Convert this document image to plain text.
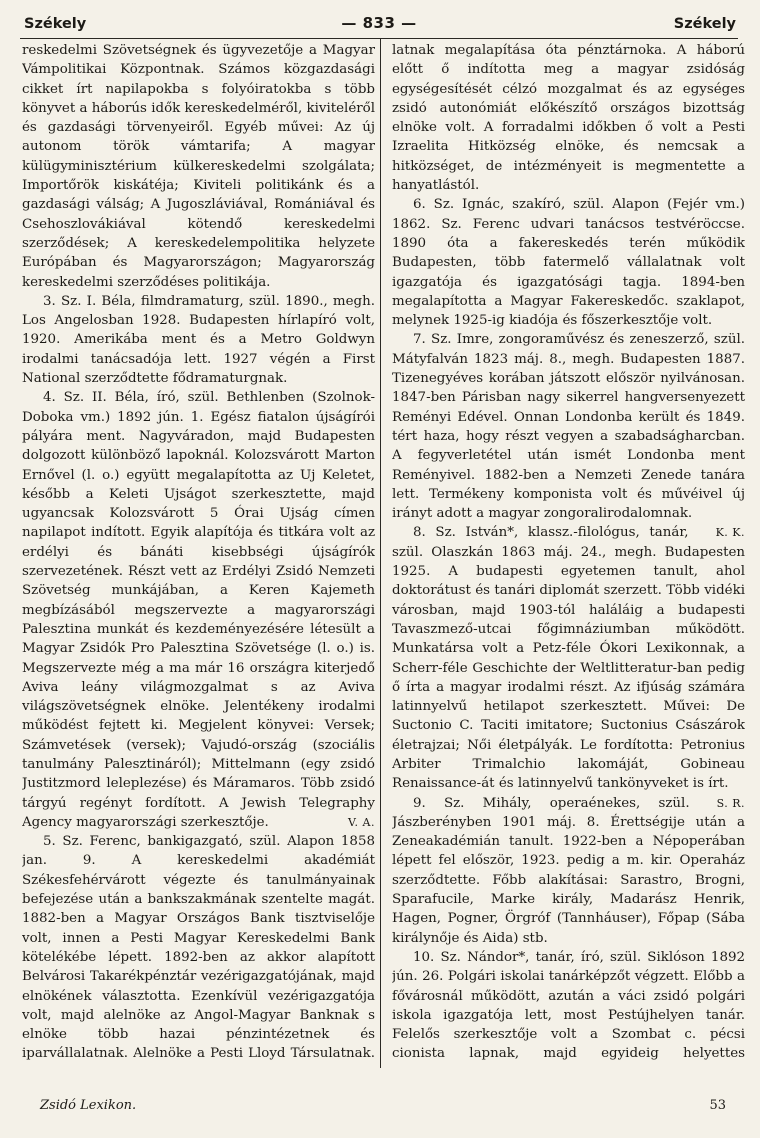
Székely	— 833 —	Székely

reskedelmi Szövetségnek és ügyvezetője a Magyar Vámpolitikai Központnak. Számos közgazdasági cikket írt napilapokba s folyóiratokba s több könyvet a háborús idők kereskedelméről, kiviteléről és gazdasági törvenyeiről. Egyéb művei: Az új autonom török vámtarifa; A magyar külügyminisztérium külkereskedelmi szolgálata; Importőrök kiskátéja; Kiviteli politikánk és a gazdasági válság; A Jugoszláviával, Romániával és Csehoszlovákiával kötendő kereskedelmi szerződések; A kereskedelempolitika helyzete Európában és Magyarországon; Magyarország kereskedelmi szerződéses politikája.

3. Sz. I. Béla, filmdramaturg, szül. 1890., megh. Los Angelosban 1928. Budapesten hírlapíró volt, 1920. Amerikába ment és a Metro Goldwyn irodalmi tanácsadója lett. 1927 végén a First National szerződtette fődramaturgnak.

4. Sz. II. Béla, író, szül. Bethlenben (Szolnok-Doboka vm.) 1892 jún. 1. Egész fiatalon újságírói pályára ment. Nagyváradon, majd Budapesten dolgozott különböző lapoknál. Kolozsvárott Marton Ernővel (l. o.) együtt megalapította az Uj Keletet, később a Keleti Ujságot szerkesztette, majd ugyancsak Kolozsvárott 5 Órai Ujság címen napilapot indított. Egyik alapítója és titkára volt az erdélyi és bánáti kisebbségi újságírók szervezetének. Részt vett az Erdélyi Zsidó Nemzeti Szövetség munkájában, a Keren Kajemeth megbízásából megszervezte a magyarországi Palesztina munkát és kezdeményezésére létesült a Magyar Zsidók Pro Palesztina Szövetsége (l. o.) is. Megszervezte még a ma már 16 országra kiterjedő Aviva leány világmozgalmat s az Aviva világszövetségnek elnöke. Jelentékeny irodalmi működést fejtett ki. Megjelent könyvei: Versek; Számvetések (versek); Vajudó-ország (szociális tanulmány Palesztináról); Mittelmann (egy zsidó Justitzmord leleplezése) és Máramaros. Több zsidó tárgyú regényt fordított. A Jewish Telegraphy Agency magyarországi szerkesztője.	V. A.

5. Sz. Ferenc, bankigazgató, szül. Alapon 1858 jan. 9. A kereskedelmi akadémiát Székesfehérvárott végezte és tanulmányainak befejezése után a bankszakmának szentelte magát. 1882-ben a Magyar Országos Bank tisztviselője volt, innen a Pesti Magyar Kereskedelmi Bank kötelékébe lépett. 1892-ben az akkor alapított Belvárosi Takarékpénztár vezérigazgatójának, majd elnökének választotta. Ezenkívül vezérigazgatója volt, majd alelnöke az Angol-Magyar Banknak s elnöke több hazai pénzintézetnek és iparvállalatnak. Alelnöke a Pesti Lloyd Társulatnak.

latnak megalapítása óta pénztárnoka. A háború előtt ő indította meg a magyar zsidóság egységesítését célzó mozgalmat és az egységes zsidó autonómiát előkészítő országos bizottság elnöke volt. A forradalmi időkben ő volt a Pesti Izraelita Hitközség elnöke, és nemcsak a hitközséget, de intézményeit is megmentette a hanyatlástól.

6. Sz. Ignác, szakíró, szül. Alapon (Fejér vm.) 1862. Sz. Ferenc udvari tanácsos testvéröccse. 1890 óta a fakereskedés terén működik Budapesten, több fatermelő vállalatnak volt igazgatója és igazgatósági tagja. 1894-ben megalapította a Magyar Fakereskedőc. szaklapot, melynek 1925-ig kiadója és főszerkesztője volt.

7. Sz. Imre, zongoraművész és zeneszerző, szül. Mátyfalván 1823 máj. 8., megh. Budapesten 1887. Tizenegyéves korában játszott először nyilvánosan. 1847-ben Párisban nagy sikerrel hangversenyezett Reményi Edével. Onnan Londonba került és 1849. tért haza, hogy részt vegyen a szabadságharcban. A fegyverletétel után ismét Londonba ment Reményivel. 1882-ben a Nemzeti Zenede tanára lett. Termékeny komponista volt és művéivel új irányt adott a magyar zongoralirodalomnak.
K. K.

8. Sz. István*, klassz.-filológus, tanár, szül. Olaszkán 1863 máj. 24., megh. Budapesten 1925. A budapesti egyetemen tanult, ahol doktorátust és tanári diplomát szerzett. Több vidéki városban, majd 1903-tól haláláig a budapesti Tavaszmező-utcai főgimnáziumban működött. Munkatársa volt a Petz-féle Ókori Lexikonnak, a Scherr-féle Geschichte der Weltlitteratur-ban pedig ő írta a magyar irodalmi részt. Az ifjúság számára latinnyelvű hetilapot szerkesztett. Művei: De Suctonio C. Taciti imitatore; Suctonius Császárok életrajzai; Női életpályák. Le fordította: Petronius Arbiter Trimalchio lakomáját, Gobineau Renaissance-át és latinnyelvű tankönyveket is írt.
S. R.

9. Sz. Mihály, operaénekes, szül. Jászberényben 1901 máj. 8. Érettségije után a Zeneakadémián tanult. 1922-ben a Népoperában lépett fel először, 1923. pedig a m. kir. Operaház szerződtette. Főbb alakításai: Sarastro, Brogni, Sparafucile, Marke király, Madarász Henrik, Hagen, Pogner, Örgróf (Tannháuser), Főpap (Sába királynője és Aida) stb.

10. Sz. Nándor*, tanár, író, szül. Siklóson 1892 jún. 26. Polgári iskolai tanárképzőt végzett. Előbb a fővárosnál működött, azután a váci zsidó polgári iskola igazgatója lett, most Pestújhelyen tanár. Felelős szerkesztője volt a Szombat c. pécsi cionista lapnak, majd egyideig helyettes

Zsidó Lexikon.	53
